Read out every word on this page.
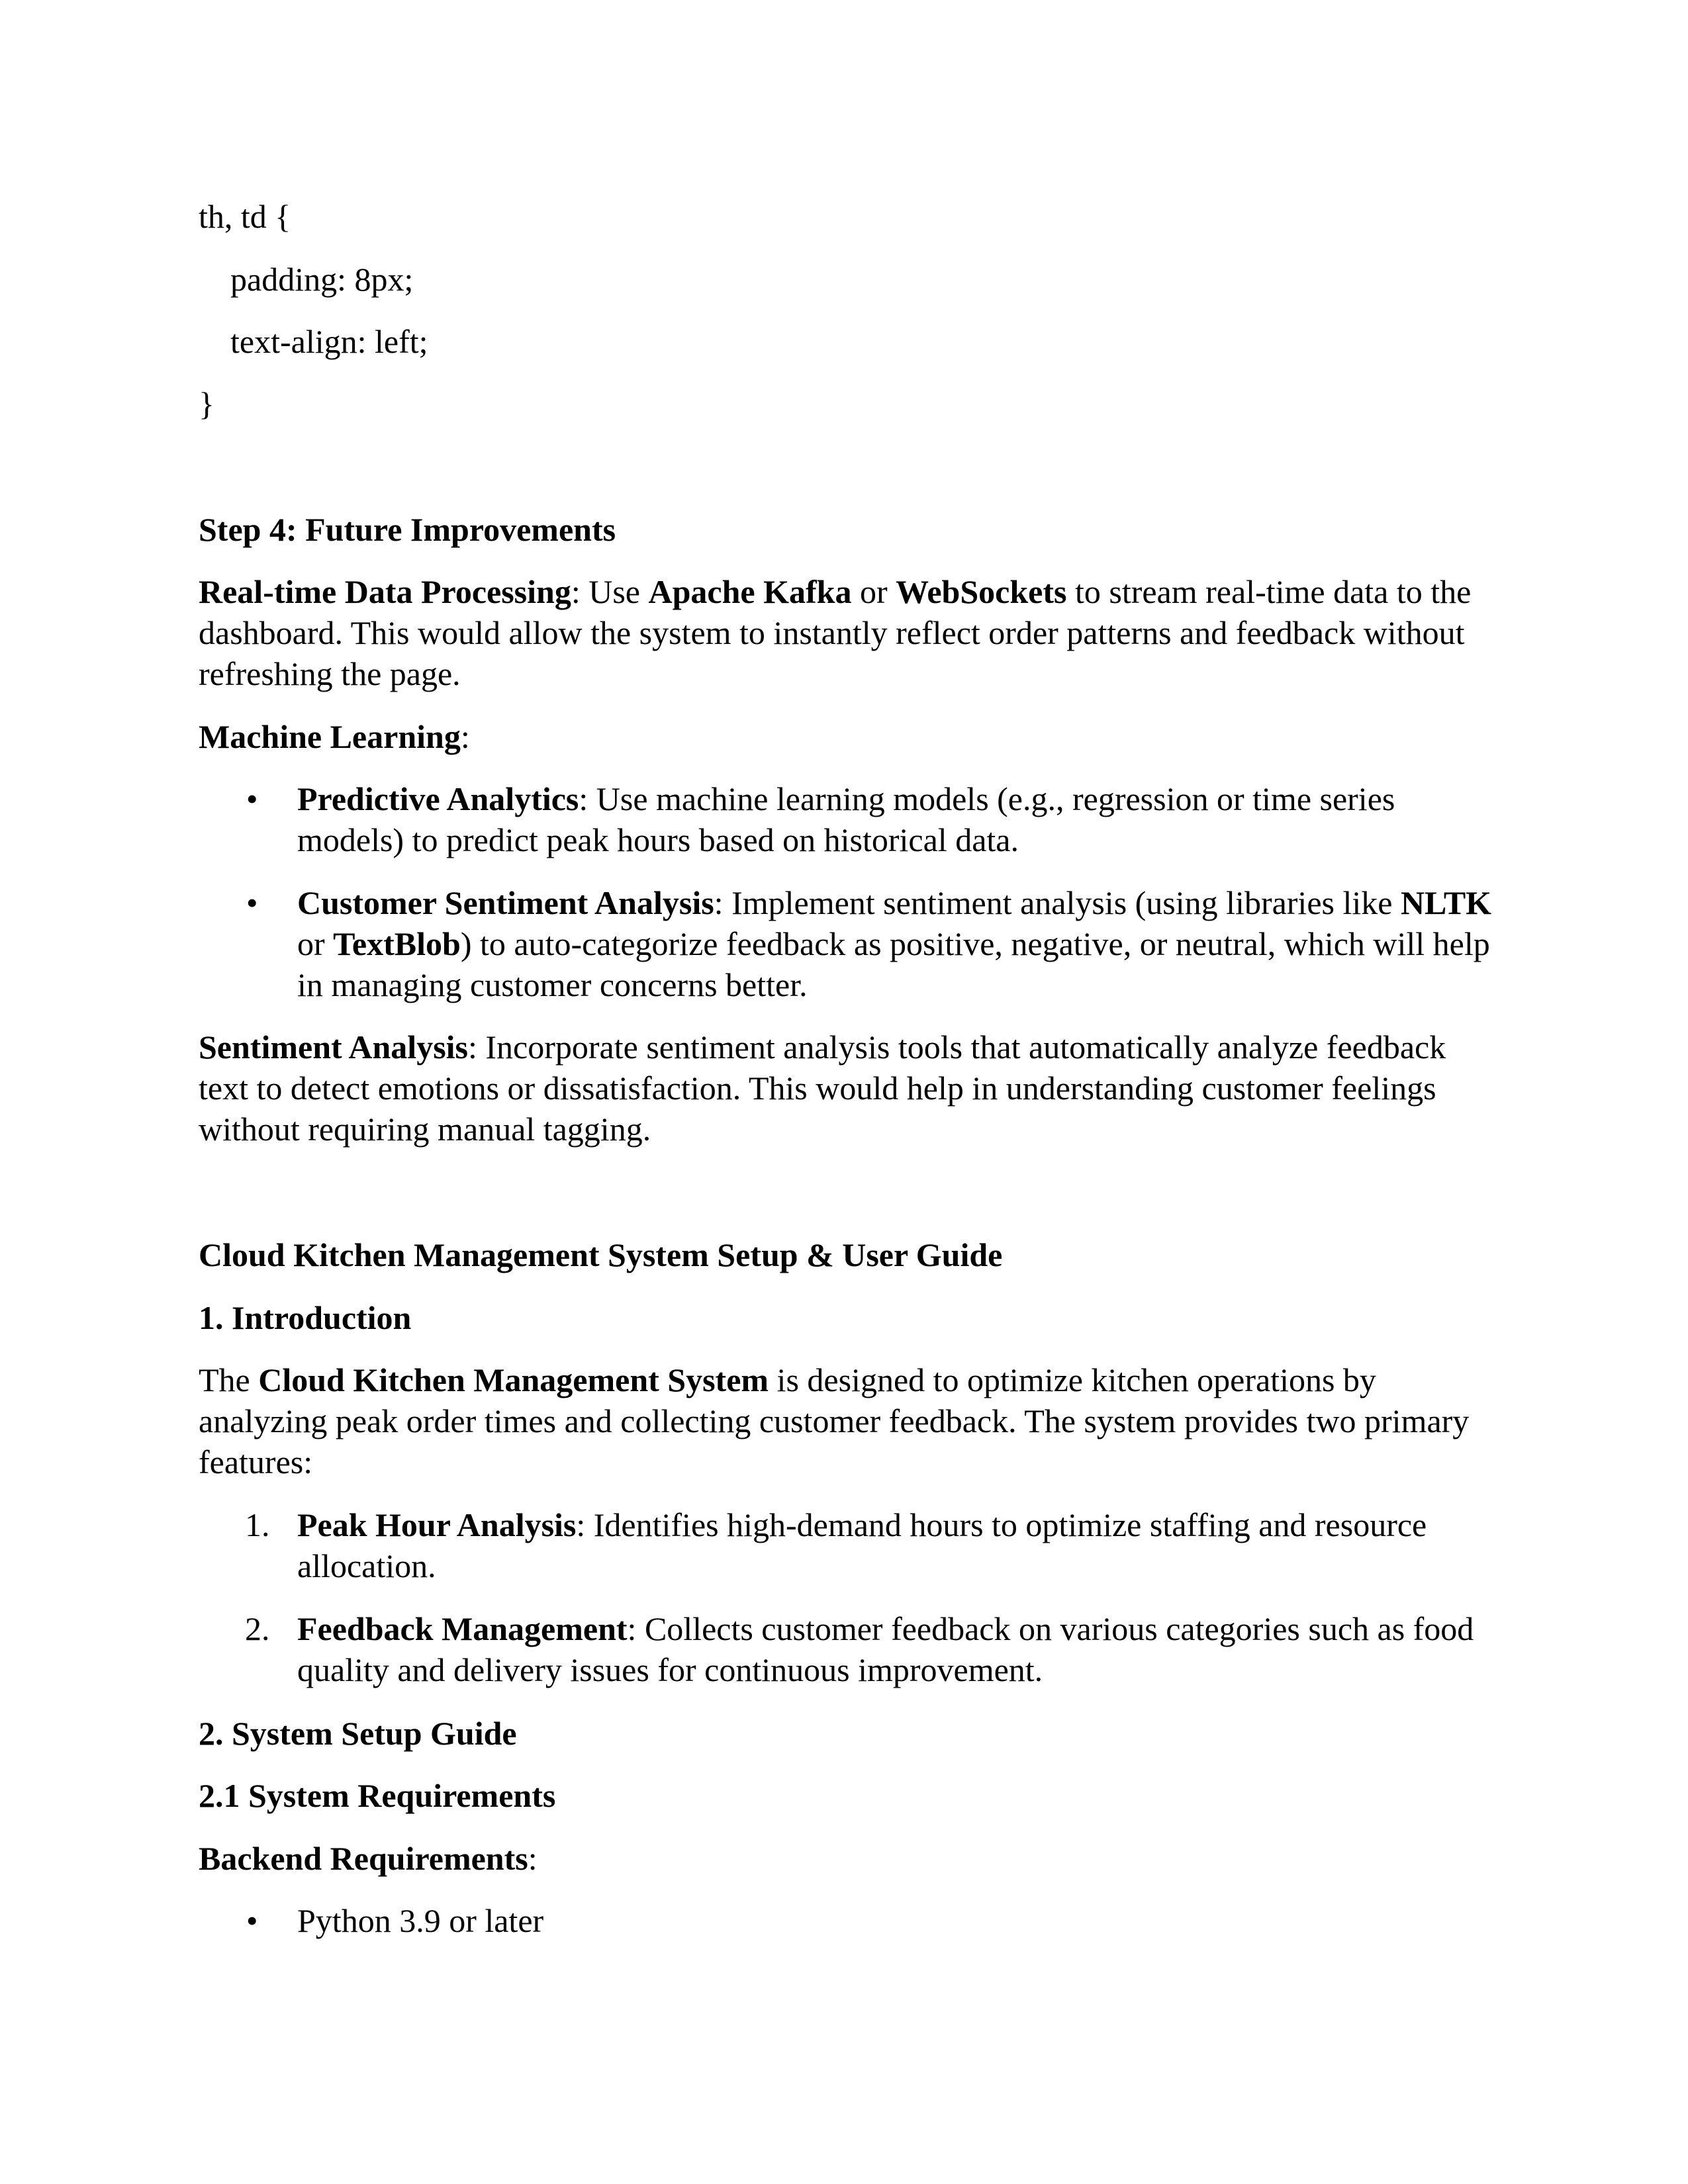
th, td {

padding: 8px;

text-align: left;

}

Step 4: Future Improvements

Real-time Data Processing: Use Apache Kafka or WebSockets to stream real-time data to the dashboard. This would allow the system to instantly reflect order patterns and feedback without refreshing the page.

Machine Learning:

•	Predictive Analytics: Use machine learning models (e.g., regression or time series models) to predict peak hours based on historical data.

•	Customer Sentiment Analysis: Implement sentiment analysis (using libraries like NLTK or TextBlob) to auto-categorize feedback as positive, negative, or neutral, which will help in managing customer concerns better.

Sentiment Analysis: Incorporate sentiment analysis tools that automatically analyze feedback text to detect emotions or dissatisfaction. This would help in understanding customer feelings without requiring manual tagging.

Cloud Kitchen Management System Setup & User Guide

1. Introduction

The Cloud Kitchen Management System is designed to optimize kitchen operations by analyzing peak order times and collecting customer feedback. The system provides two primary features:

1. Peak Hour Analysis: Identifies high-demand hours to optimize staffing and resource allocation.

2. Feedback Management: Collects customer feedback on various categories such as food quality and delivery issues for continuous improvement.

2. System Setup Guide

2.1 System Requirements

Backend Requirements:

•	Python 3.9 or later
